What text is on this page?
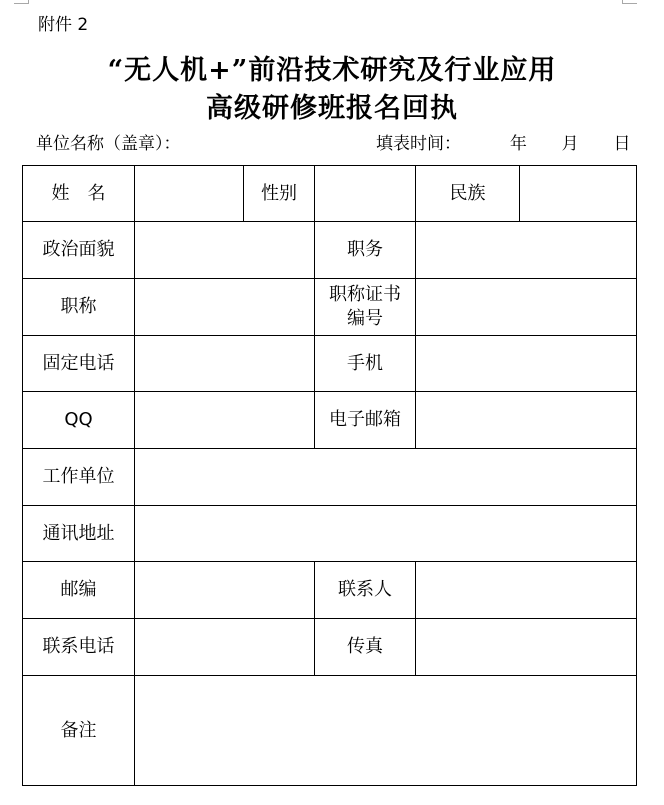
附件 2
“无人机+”前沿技术研究及行业应用
高级研修班报名回执
单位名称（盖章）：	填表时间：	年 月 日
姓　名		性别		民族	
政治面貌			职务		
职称			职称证书
编号		

固定电话			手机		
QQ			电子邮箱		
工作单位					
通讯地址					
邮编			联系人		
联系电话			传真		
备注					
